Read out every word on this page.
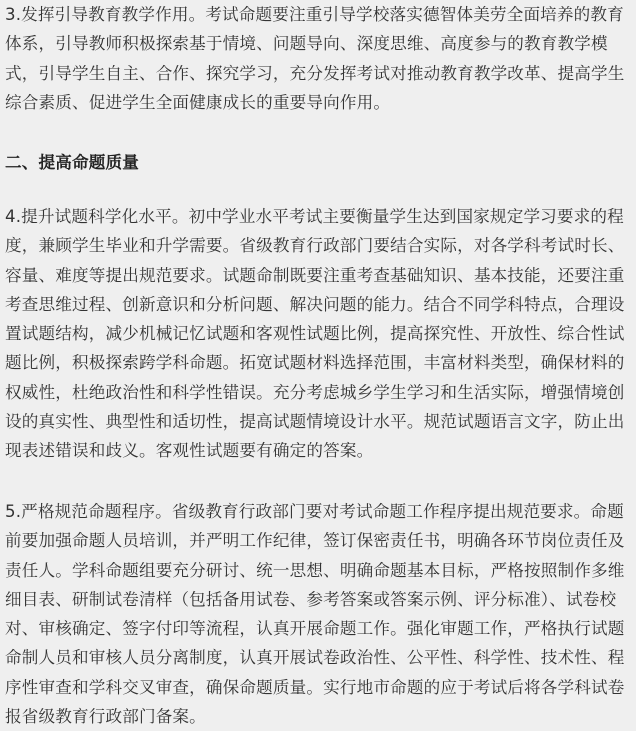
3.发挥引导教育教学作用。考试命题要注重引导学校落实德智体美劳全面培养的教育
体系，引导教师积极探索基于情境、问题导向、深度思维、高度参与的教育教学模
式，引导学生自主、合作、探究学习，充分发挥考试对推动教育教学改革、提高学生
综合素质、促进学生全面健康成长的重要导向作用。
二、提高命题质量
4.提升试题科学化水平。初中学业水平考试主要衡量学生达到国家规定学习要求的程
度，兼顾学生毕业和升学需要。省级教育行政部门要结合实际，对各学科考试时长、
容量、难度等提出规范要求。试题命制既要注重考查基础知识、基本技能，还要注重
考查思维过程、创新意识和分析问题、解决问题的能力。结合不同学科特点，合理设
置试题结构，减少机械记忆试题和客观性试题比例，提高探究性、开放性、综合性试
题比例，积极探索跨学科命题。拓宽试题材料选择范围，丰富材料类型，确保材料的
权威性，杜绝政治性和科学性错误。充分考虑城乡学生学习和生活实际，增强情境创
设的真实性、典型性和适切性，提高试题情境设计水平。规范试题语言文字，防止出
现表述错误和歧义。客观性试题要有确定的答案。
5.严格规范命题程序。省级教育行政部门要对考试命题工作程序提出规范要求。命题
前要加强命题人员培训，并严明工作纪律，签订保密责任书，明确各环节岗位责任及
责任人。学科命题组要充分研讨、统一思想、明确命题基本目标，严格按照制作多维
细目表、研制试卷清样（包括备用试卷、参考答案或答案示例、评分标准）、试卷校
对、审核确定、签字付印等流程，认真开展命题工作。强化审题工作，严格执行试题
命制人员和审核人员分离制度，认真开展试卷政治性、公平性、科学性、技术性、程
序性审查和学科交叉审查，确保命题质量。实行地市命题的应于考试后将各学科试卷
报省级教育行政部门备案。
